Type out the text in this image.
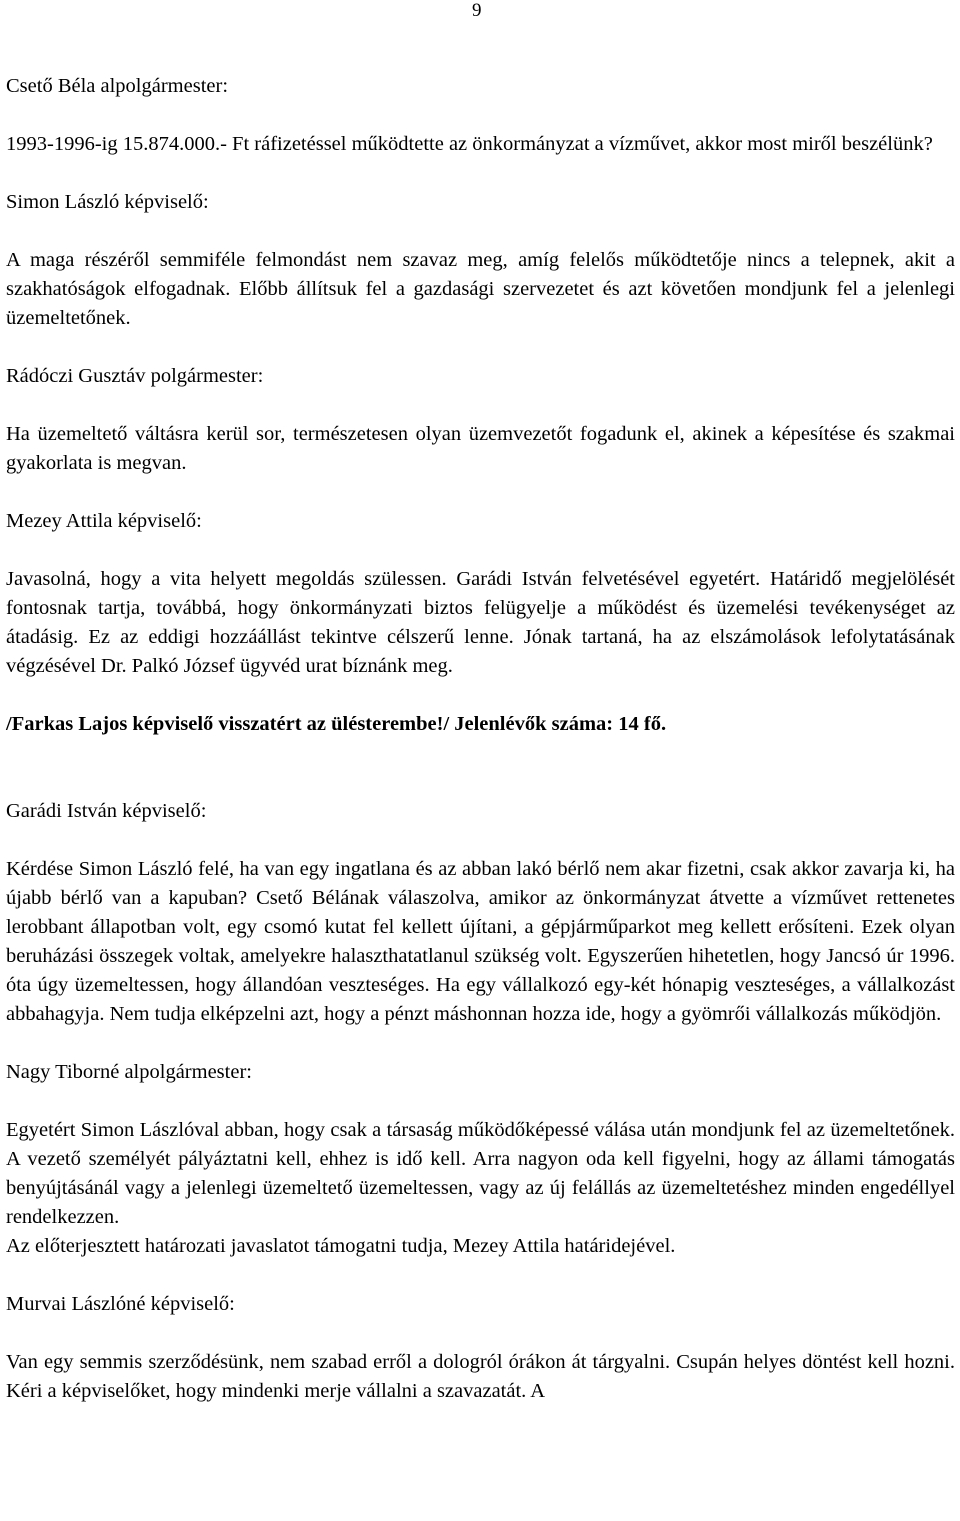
9

Csető Béla alpolgármester:

1993-1996-ig 15.874.000.- Ft ráfizetéssel működtette az önkormányzat a vízművet, akkor most miről beszélünk?

Simon László képviselő:

A maga részéről semmiféle felmondást nem szavaz meg, amíg felelős működtetője nincs a telepnek, akit a szakhatóságok elfogadnak. Előbb állítsuk fel a gazdasági szervezetet és azt követően mondjunk fel a jelenlegi üzemeltetőnek.

Rádóczi Gusztáv polgármester:

Ha üzemeltető váltásra kerül sor, természetesen olyan üzemvezetőt fogadunk el, akinek a képesítése és szakmai gyakorlata is megvan.

Mezey Attila képviselő:

Javasolná, hogy a vita helyett megoldás szülessen. Garádi István felvetésével egyetért. Határidő megjelölését fontosnak tartja, továbbá, hogy önkormányzati biztos felügyelje a működést és üzemelési tevékenységet az átadásig. Ez az eddigi hozzáállást tekintve célszerű lenne. Jónak tartaná, ha az elszámolások lefolytatásának végzésével Dr. Palkó József ügyvéd urat bíznánk meg.

/Farkas Lajos képviselő visszatért az ülésterembe!/ Jelenlévők száma: 14 fő.

Garádi István képviselő:

Kérdése Simon László felé, ha van egy ingatlana és az abban lakó bérlő nem akar fizetni, csak akkor zavarja ki, ha újabb bérlő van a kapuban? Csető Bélának válaszolva, amikor az önkormányzat átvette a vízművet rettenetes lerobbant állapotban volt, egy csomó kutat fel kellett újítani, a gépjárműparkot meg kellett erősíteni. Ezek olyan beruházási összegek voltak, amelyekre halaszthatatlanul szükség volt. Egyszerűen hihetetlen, hogy Jancsó úr 1996. óta úgy üzemeltessen, hogy állandóan veszteséges. Ha egy vállalkozó egy-két hónapig veszteséges, a vállalkozást abbahagyja. Nem tudja elképzelni azt, hogy a pénzt máshonnan hozza ide, hogy a gyömrői vállalkozás működjön.

Nagy Tiborné alpolgármester:

Egyetért Simon Lászlóval abban, hogy csak a társaság működőképessé válása után mondjunk fel az üzemeltetőnek. A vezető személyét pályáztatni kell, ehhez is idő kell. Arra nagyon oda kell figyelni, hogy az állami támogatás benyújtásánál vagy a jelenlegi üzemeltető üzemeltessen, vagy az új felállás az üzemeltetéshez minden engedéllyel rendelkezzen.

Az előterjesztett határozati javaslatot támogatni tudja, Mezey Attila határidejével.

Murvai Lászlóné képviselő:

Van egy semmis szerződésünk, nem szabad erről a dologról órákon át tárgyalni. Csupán helyes döntést kell hozni. Kéri a képviselőket, hogy mindenki merje vállalni a szavazatát. A
